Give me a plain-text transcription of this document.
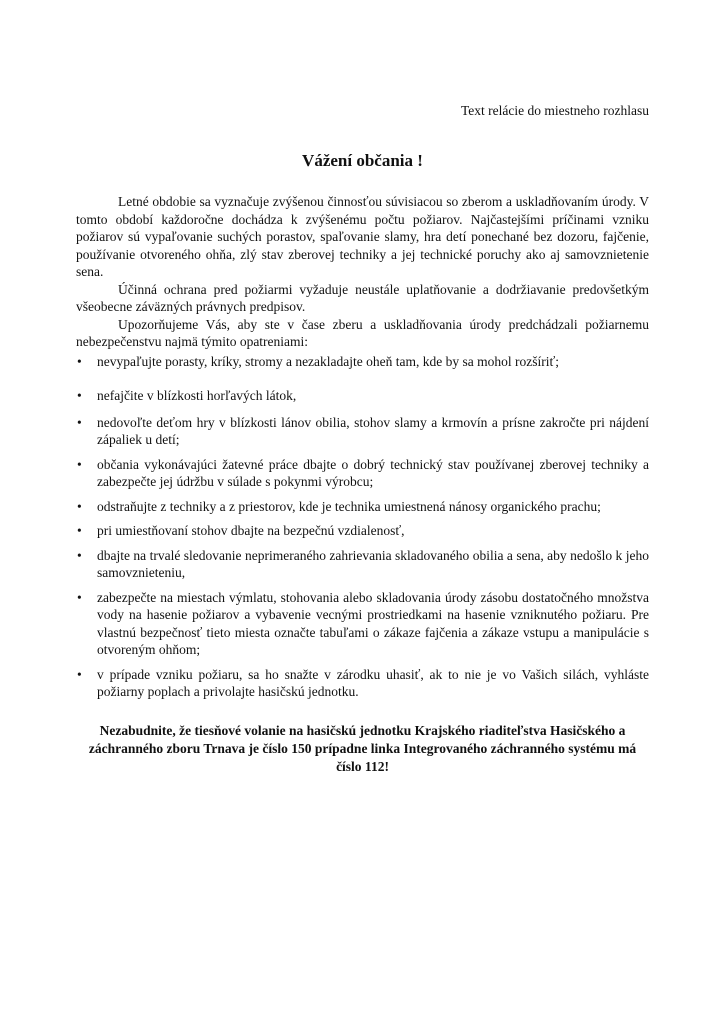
Text relácie do miestneho rozhlasu
Vážení občania !

Letné obdobie sa vyznačuje zvýšenou činnosťou súvisiacou so zberom a uskladňovaním úrody. V tomto období každoročne dochádza k zvýšenému počtu požiarov. Najčastejšími príčinami vzniku požiarov sú vypaľovanie suchých porastov, spaľovanie slamy, hra detí ponechané bez dozoru, fajčenie, používanie otvoreného ohňa, zlý stav zberovej techniky a jej technické poruchy ako aj samovznietenie sena.

Účinná ochrana pred požiarmi vyžaduje neustále uplatňovanie a dodržiavanie predovšetkým všeobecne záväzných právnych predpisov.

Upozorňujeme Vás, aby ste v čase zberu a uskladňovania úrody predchádzali požiarnemu nebezpečenstvu najmä týmito opatreniami:

• nevypaľujte porasty, kríky, stromy a nezakladajte oheň tam, kde by sa mohol rozšíriť;
• nefajčite v blízkosti horľavých látok,
• nedovoľte deťom hry v blízkosti lánov obilia, stohov slamy a krmovín a prísne zakročte pri nájdení zápaliek u detí;
• občania vykonávajúci žatevné práce dbajte o dobrý technický stav používanej zberovej techniky a zabezpečte jej údržbu v súlade s pokynmi výrobcu;
• odstraňujte z techniky a z priestorov, kde je technika umiestnená nánosy organického prachu;
• pri umiestňovaní stohov dbajte na bezpečnú vzdialenosť,
• dbajte na trvalé sledovanie neprimeraného zahrievania skladovaného obilia a sena, aby nedošlo k jeho samovznieteniu,
• zabezpečte na miestach výmlatu, stohovania alebo skladovania úrody zásobu dostatočného množstva vody na hasenie požiarov a vybavenie vecnými prostriedkami na hasenie vzniknutého požiaru. Pre vlastnú bezpečnosť tieto miesta označte tabuľami o zákaze fajčenia a zákaze vstupu a manipulácie s otvoreným ohňom;
• v prípade vzniku požiaru, sa ho snažte v zárodku uhasiť, ak to nie je vo Vašich silách, vyhláste požiarny poplach a privolajte hasičskú jednotku.
Nezabudnite, že tiesňové volanie na hasičskú jednotku Krajského riaditeľstva Hasičského a záchranného zboru Trnava je číslo 150 prípadne linka Integrovaného záchranného systému má číslo 112!
